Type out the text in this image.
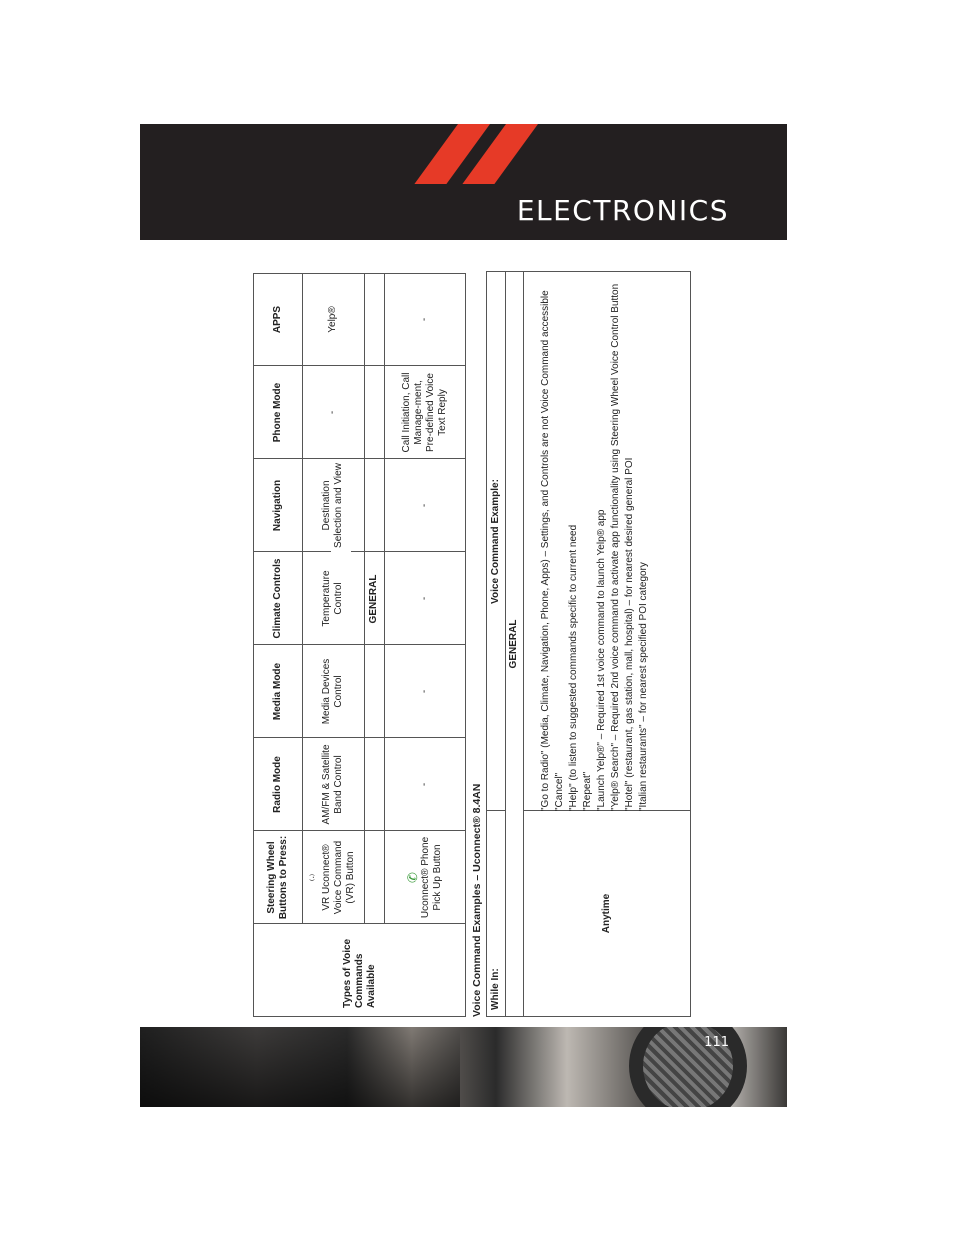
ELECTRONICS
Types of Voice Commands Available
Steering Wheel Buttons to Press:
Radio Mode
Media Mode
Climate Controls
Navigation
Phone Mode
APPS
⁽ᐧ⁾ VR Uconnect® Voice Command (VR) Button
AM/FM & Satellite Band Control
Media Devices Control
Temperature Control
Destination Selection and View
-
Yelp®
GENERAL
✆ Uconnect® Phone Pick Up Button
-
-
-
-
Call Initiation, Call Manage-ment, Pre-defined Voice Text Reply
-
Voice Command Examples – Uconnect® 8.4AN While In:
Voice Command Example:
GENERAL
Anytime
"Go to Radio" (Media, Climate, Navigation, Phone, Apps) – Settings, and Controls are not Voice Command accessible "Cancel" "Help" (to listen to suggested commands specific to current need "Repeat" "Launch Yelp®" – Required 1st voice command to launch Yelp® app "Yelp® Search" – Required 2nd voice command to activate app functionality using Steering Wheel Voice Control Button "Hotel" (restaurant, gas station, mall, hospital) – for nearest desired general POI "Italian restaurants" – for nearest specified POI category
111
